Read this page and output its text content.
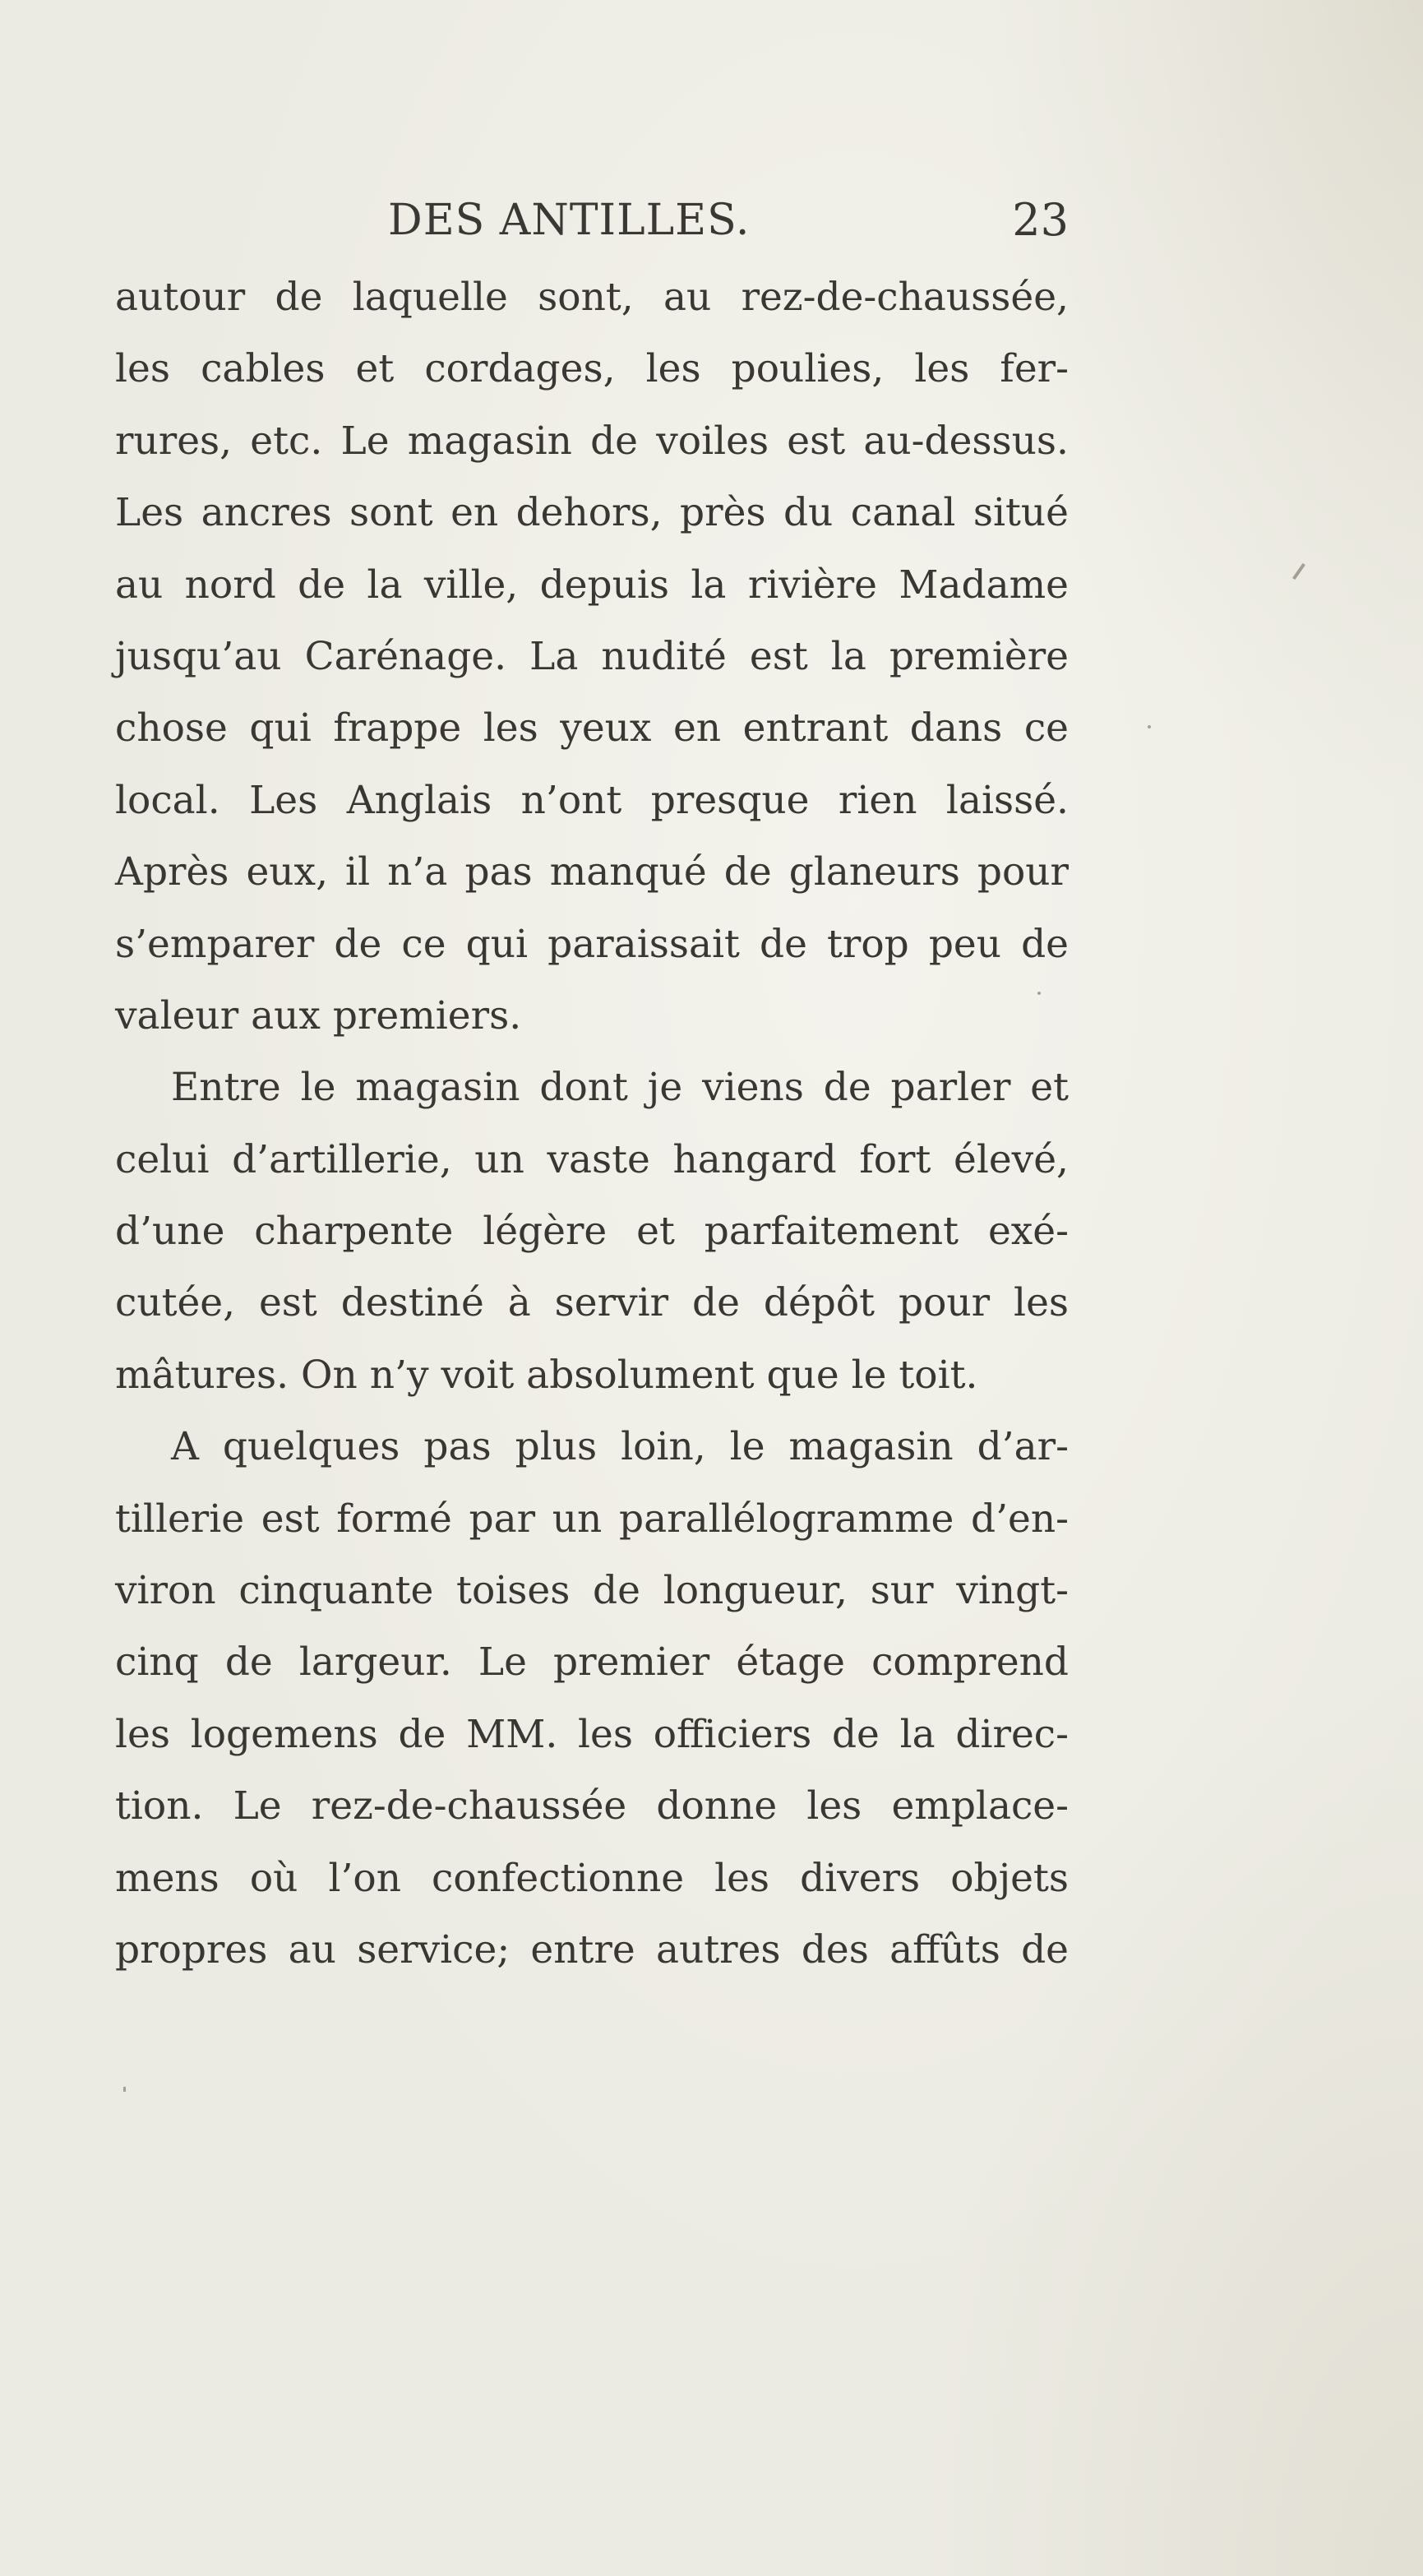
DES ANTILLES.	23
autour de laquelle sont, au rez-de-chaussée,
les cables et cordages, les poulies, les fer-
rures, etc. Le magasin de voiles est au-dessus.
Les ancres sont en dehors, près du canal situé
au nord de la ville, depuis la rivière Madame
jusqu’au Carénage. La nudité est la première
chose qui frappe les yeux en entrant dans ce
local. Les Anglais n’ont presque rien laissé.
Après eux, il n’a pas manqué de glaneurs pour
s’emparer de ce qui paraissait de trop peu de
valeur aux premiers.
Entre le magasin dont je viens de parler et
celui d’artillerie, un vaste hangard fort élevé,
d’une charpente légère et parfaitement exé-
cutée, est destiné à servir de dépôt pour les
mâtures. On n’y voit absolument que le toit.
A quelques pas plus loin, le magasin d’ar-
tillerie est formé par un parallélogramme d’en-
viron cinquante toises de longueur, sur vingt-
cinq de largeur. Le premier étage comprend
les logemens de MM. les officiers de la direc-
tion. Le rez-de-chaussée donne les emplace-
mens où l’on confectionne les divers objets
propres au service; entre autres des affûts de
